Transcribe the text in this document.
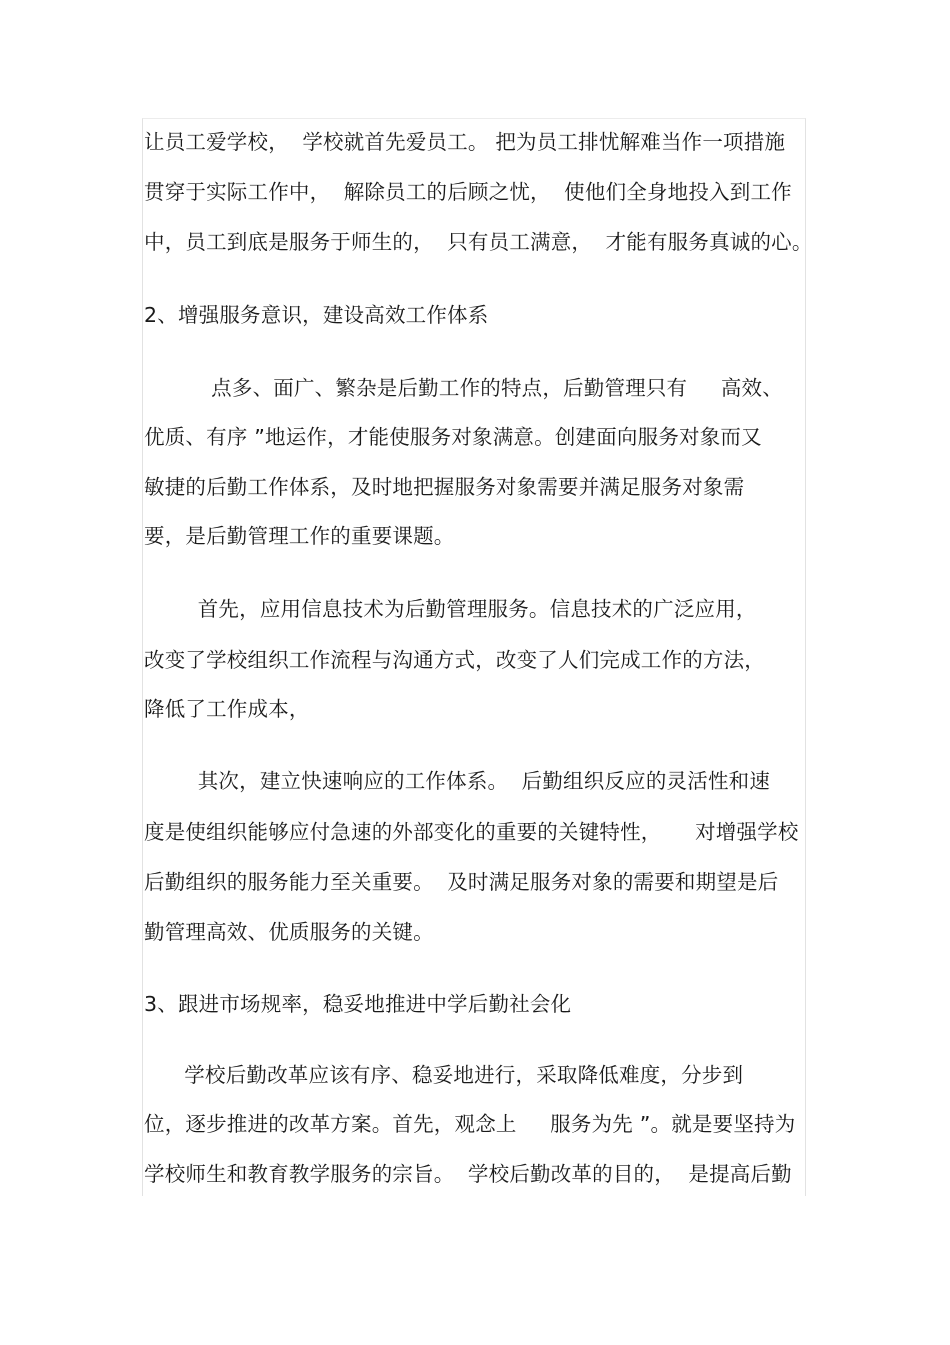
让员工爱学校，  学校就首先爱员工。 把为员工排忧解难当作一项措施
贯穿于实际工作中，  解除员工的后顾之忧，  使他们全身地投入到工作
中，员工到底是服务于师生的，  只有员工满意，  才能有服务真诚的心。
2、增强服务意识，建设高效工作体系
点多、面广、繁杂是后勤工作的特点，后勤管理只有     高效、
优质、有序 ”地运作，才能使服务对象满意。创建面向服务对象而又
敏捷的后勤工作体系，及时地把握服务对象需要并满足服务对象需
要，是后勤管理工作的重要课题。
首先，应用信息技术为后勤管理服务。信息技术的广泛应用，
改变了学校组织工作流程与沟通方式，改变了人们完成工作的方法，
降低了工作成本，
其次，建立快速响应的工作体系。  后勤组织反应的灵活性和速
度是使组织能够应付急速的外部变化的重要的关键特性，     对增强学校
后勤组织的服务能力至关重要。  及时满足服务对象的需要和期望是后
勤管理高效、优质服务的关键。
3、跟进市场规率，稳妥地推进中学后勤社会化
学校后勤改革应该有序、稳妥地进行，采取降低难度，分步到
位，逐步推进的改革方案。首先，观念上     服务为先 ”。就是要坚持为
学校师生和教育教学服务的宗旨。  学校后勤改革的目的，  是提高后勤
